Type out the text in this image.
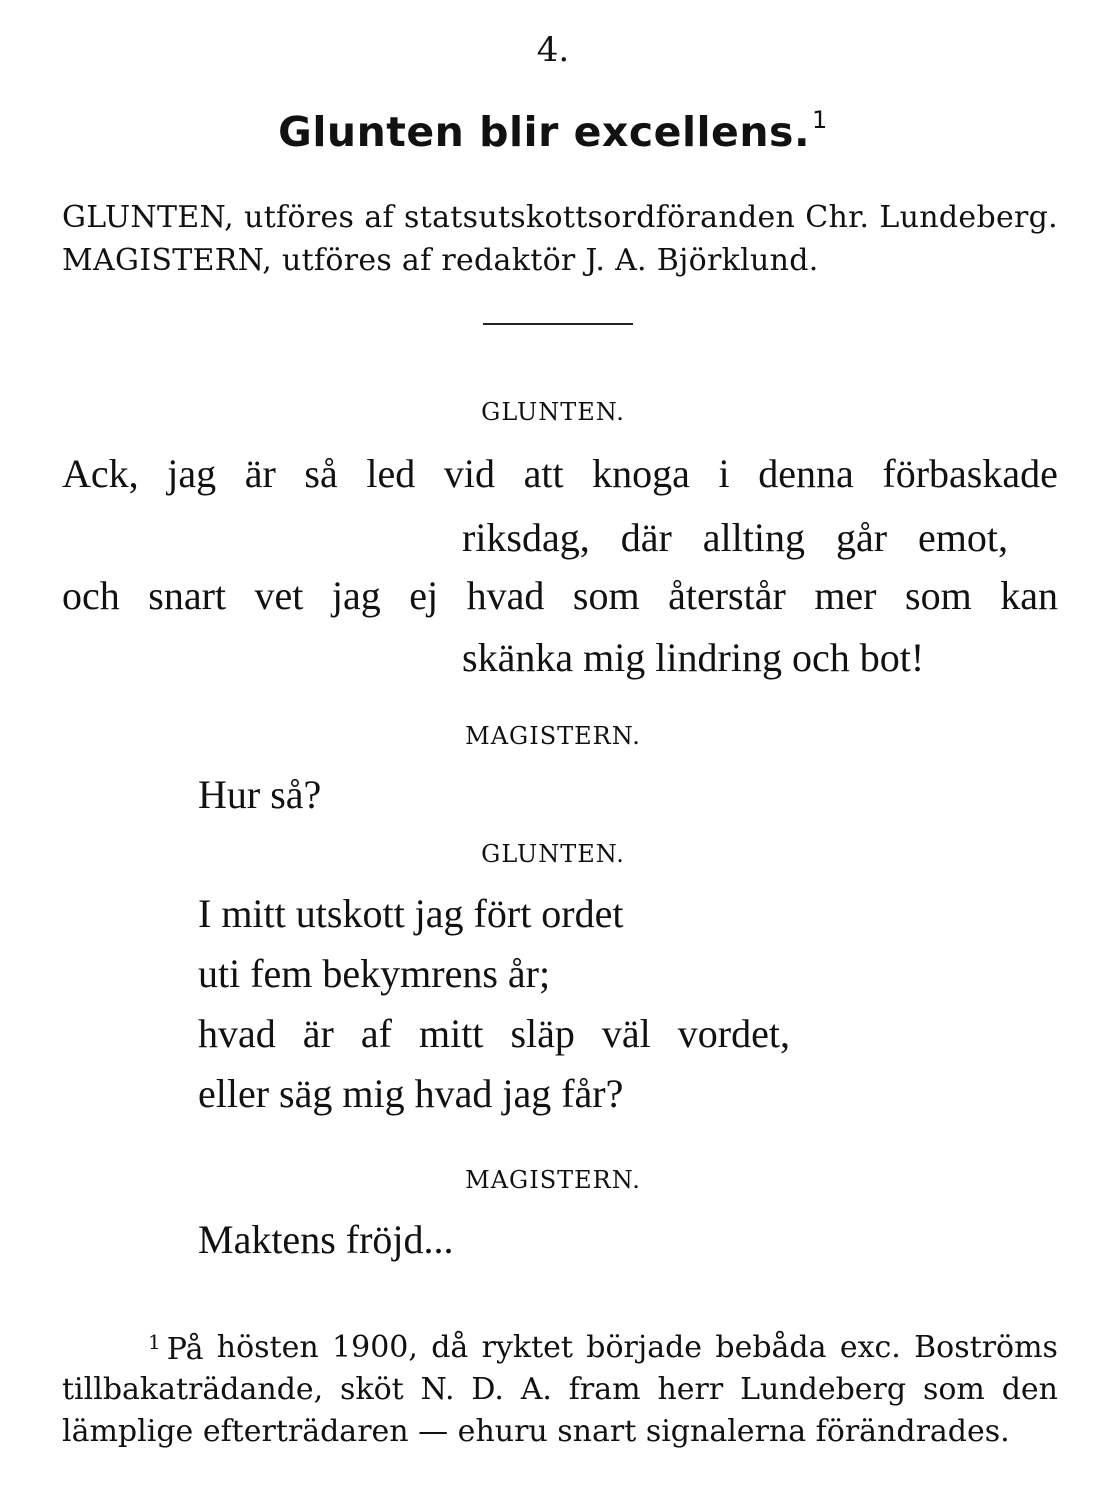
4.
Glunten blir excellens.$^1$
GLUNTEN, utföres af statsutskottsordföranden Chr. Lundeberg.
MAGISTERN, utföres af redaktör J. A. Björklund.
GLUNTEN.
Ack, jag är så led vid att knoga i denna förbaskade
riksdag, där allting går emot,
och snart vet jag ej hvad som återstår mer som kan
skänka mig lindring och bot!
MAGISTERN.
Hur så?
GLUNTEN.
I mitt utskott jag fört ordet
uti fem bekymrens år;
hvad är af mitt släp väl vordet,
eller säg mig hvad jag får?
MAGISTERN.
Maktens fröjd...
$^1$ På hösten 1900, då ryktet började bebåda exc. Boströms
tillbakaträdande, sköt N. D. A. fram herr Lundeberg som den
lämplige efterträdaren — ehuru snart signalerna förändrades.
